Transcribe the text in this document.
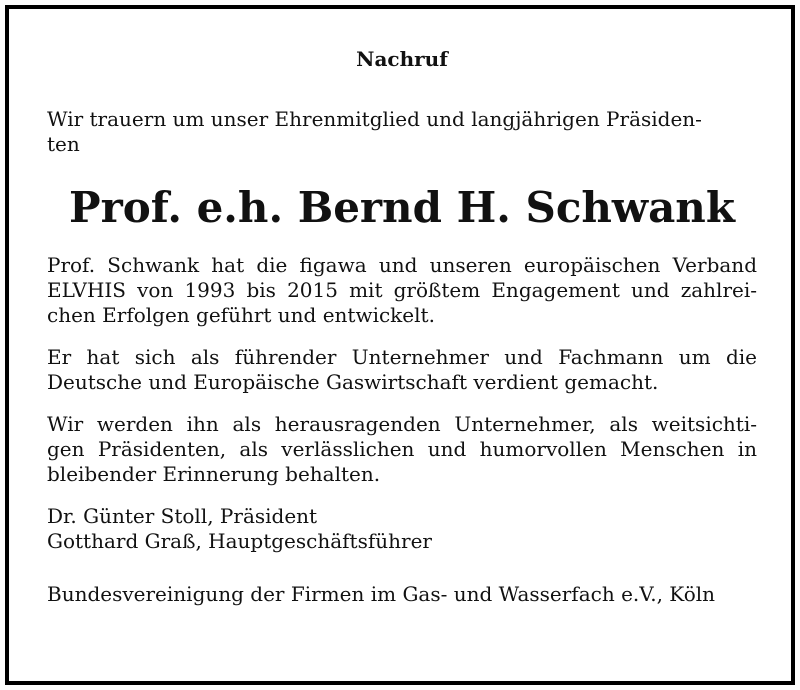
Nachruf

Wir trauern um unser Ehrenmitglied und langjährigen Präsiden-
ten

Prof. e.h. Bernd H. Schwank

Prof. Schwank hat die figawa und unseren europäischen Verband
ELVHIS von 1993 bis 2015 mit größtem Engagement und zahlrei-
chen Erfolgen geführt und entwickelt.

Er hat sich als führender Unternehmer und Fachmann um die
Deutsche und Europäische Gaswirtschaft verdient gemacht.

Wir werden ihn als herausragenden Unternehmer, als weitsichti-
gen Präsidenten, als verlässlichen und humorvollen Menschen in
bleibender Erinnerung behalten.

Dr. Günter Stoll, Präsident
Gotthard Graß, Hauptgeschäftsführer
Bundesvereinigung der Firmen im Gas- und Wasserfach e.V., Köln
